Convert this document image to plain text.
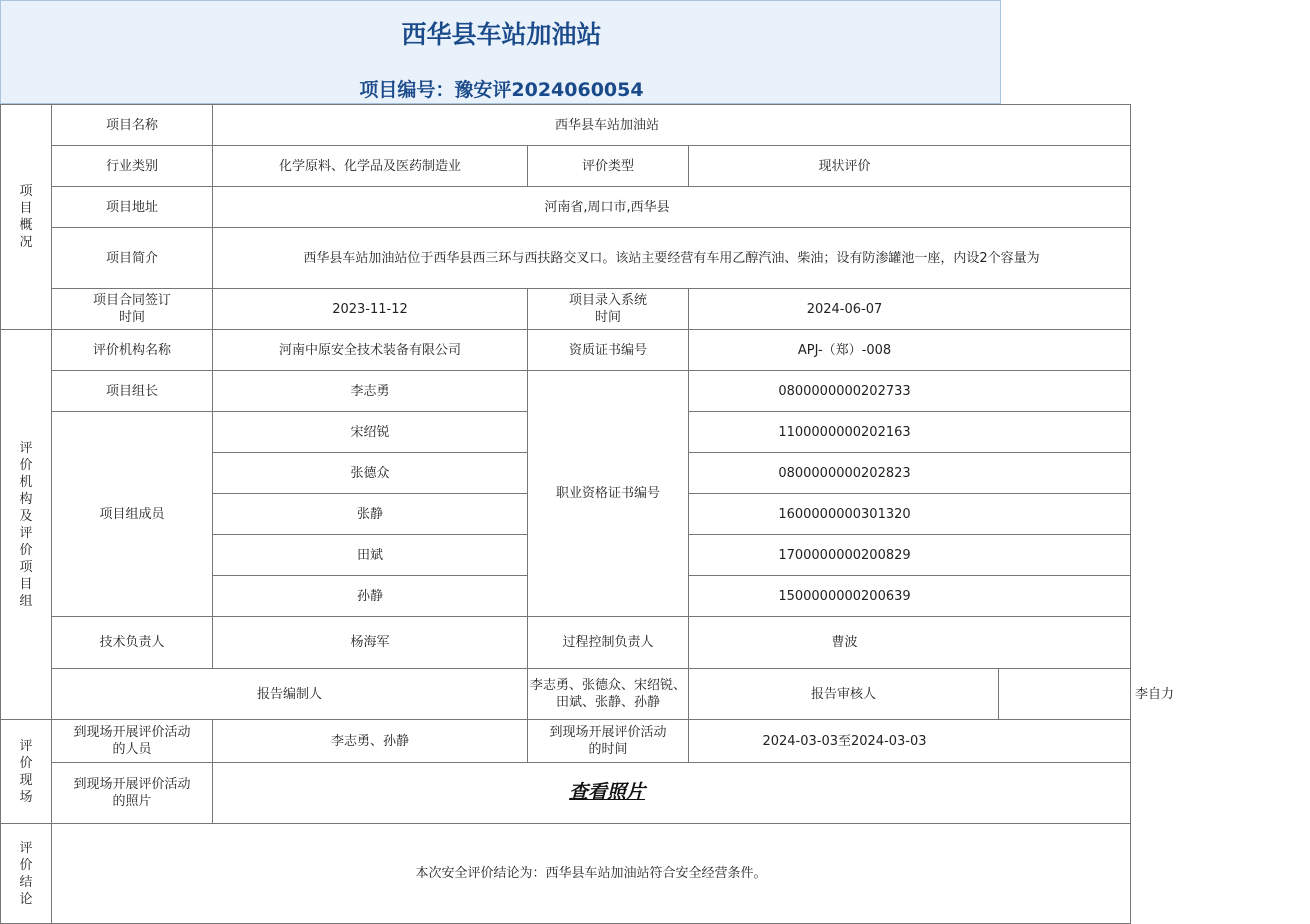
西华县车站加油站
项目编号：豫安评2024060054
项目概况	项目名称	西华县车站加油站			
	行业类别	化学原料、化学品及医药制造业	评价类型	现状评价	
	项目地址	河南省,周口市,西华县			
	项目简介	西华县车站加油站位于西华县西三环与西扶路交叉口。该站主要经营有车用乙醇汽油、柴油；设有防渗罐池一座，内设2个容量为			
	项目合同签订时间	2023-11-12	项目录入系统时间	2024-06-07	
评价机构及评价项目组	评价机构名称	河南中原安全技术装备有限公司	资质证书编号	APJ-（郑）-008	
	项目组长	李志勇	职业资格证书编号	0800000000202733	
	项目组成员	宋绍锐		1100000000202163	
		张德众		0800000000202823	
		张静		1600000000301320	
		田斌		1700000000200829	
		孙静		1500000000200639	
	技术负责人	杨海军	过程控制负责人	曹波	
	报告编制人		李志勇、张德众、宋绍锐、田斌、张静、孙静	报告审核人	李自力
评价现场	到现场开展评价活动的人员	李志勇、孙静	到现场开展评价活动的时间	2024-03-03至2024-03-03	
	到现场开展评价活动的照片	查看照片			
评价结论	本次安全评价结论为：西华县车站加油站符合安全经营条件。				
